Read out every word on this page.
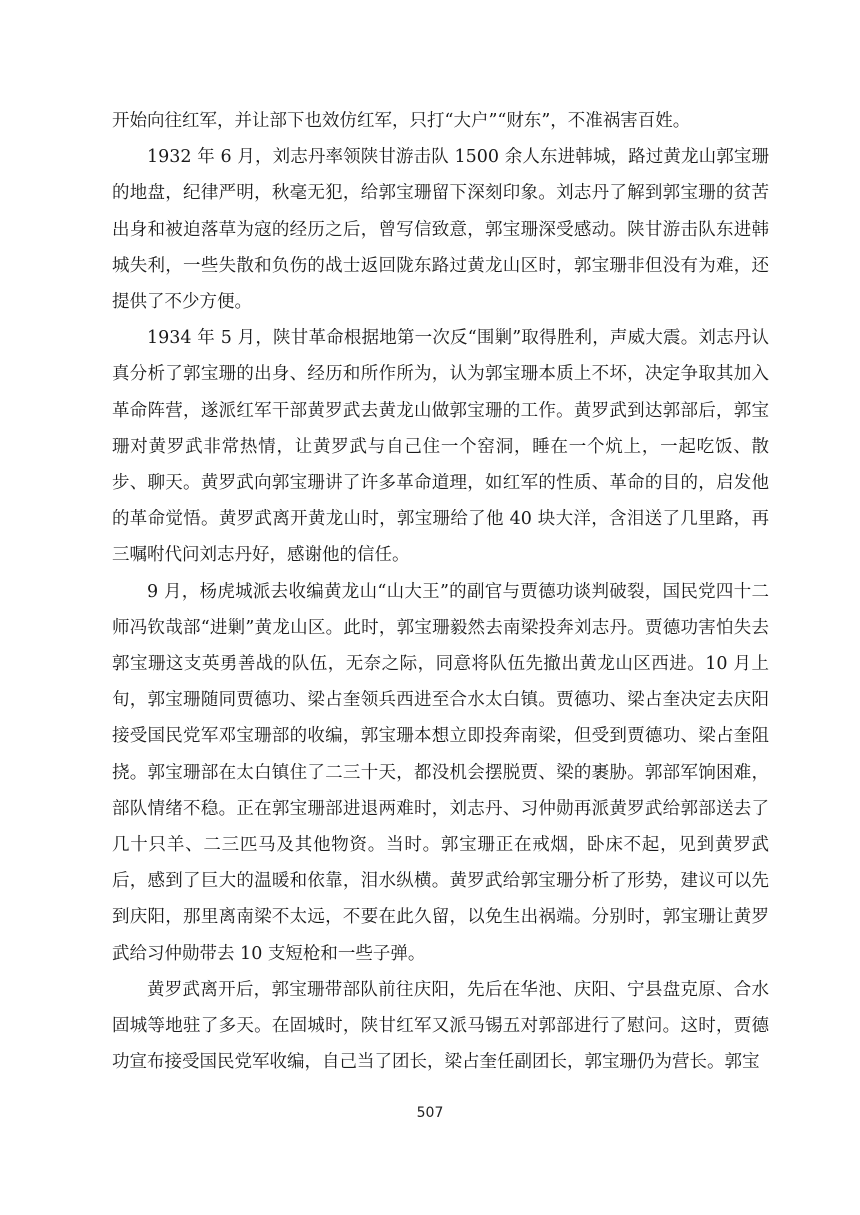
开始向往红军，并让部下也效仿红军，只打“大户”“财东”，不准祸害百姓。

1932 年 6 月，刘志丹率领陕甘游击队 1500 余人东进韩城，路过黄龙山郭宝珊的地盘，纪律严明，秋毫无犯，给郭宝珊留下深刻印象。刘志丹了解到郭宝珊的贫苦出身和被迫落草为寇的经历之后，曾写信致意，郭宝珊深受感动。陕甘游击队东进韩城失利，一些失散和负伤的战士返回陇东路过黄龙山区时，郭宝珊非但没有为难，还提供了不少方便。

1934 年 5 月，陕甘革命根据地第一次反“围剿”取得胜利，声威大震。刘志丹认真分析了郭宝珊的出身、经历和所作所为，认为郭宝珊本质上不坏，决定争取其加入革命阵营，遂派红军干部黄罗武去黄龙山做郭宝珊的工作。黄罗武到达郭部后，郭宝珊对黄罗武非常热情，让黄罗武与自己住一个窑洞，睡在一个炕上，一起吃饭、散步、聊天。黄罗武向郭宝珊讲了许多革命道理，如红军的性质、革命的目的，启发他的革命觉悟。黄罗武离开黄龙山时，郭宝珊给了他 40 块大洋，含泪送了几里路，再三嘱咐代问刘志丹好，感谢他的信任。

9 月，杨虎城派去收编黄龙山“山大王”的副官与贾德功谈判破裂，国民党四十二师冯钦哉部“进剿”黄龙山区。此时，郭宝珊毅然去南梁投奔刘志丹。贾德功害怕失去郭宝珊这支英勇善战的队伍，无奈之际，同意将队伍先撤出黄龙山区西进。10 月上旬，郭宝珊随同贾德功、梁占奎领兵西进至合水太白镇。贾德功、梁占奎决定去庆阳接受国民党军邓宝珊部的收编，郭宝珊本想立即投奔南梁，但受到贾德功、梁占奎阻挠。郭宝珊部在太白镇住了二三十天，都没机会摆脱贾、梁的裹胁。郭部军饷困难，部队情绪不稳。正在郭宝珊部进退两难时，刘志丹、习仲勋再派黄罗武给郭部送去了几十只羊、二三匹马及其他物资。当时。郭宝珊正在戒烟，卧床不起，见到黄罗武后，感到了巨大的温暖和依靠，泪水纵横。黄罗武给郭宝珊分析了形势，建议可以先到庆阳，那里离南梁不太远，不要在此久留，以免生出祸端。分别时，郭宝珊让黄罗武给习仲勋带去 10 支短枪和一些子弹。

黄罗武离开后，郭宝珊带部队前往庆阳，先后在华池、庆阳、宁县盘克原、合水固城等地驻了多天。在固城时，陕甘红军又派马锡五对郭部进行了慰问。这时，贾德功宣布接受国民党军收编，自己当了团长，梁占奎任副团长，郭宝珊仍为营长。郭宝

507
